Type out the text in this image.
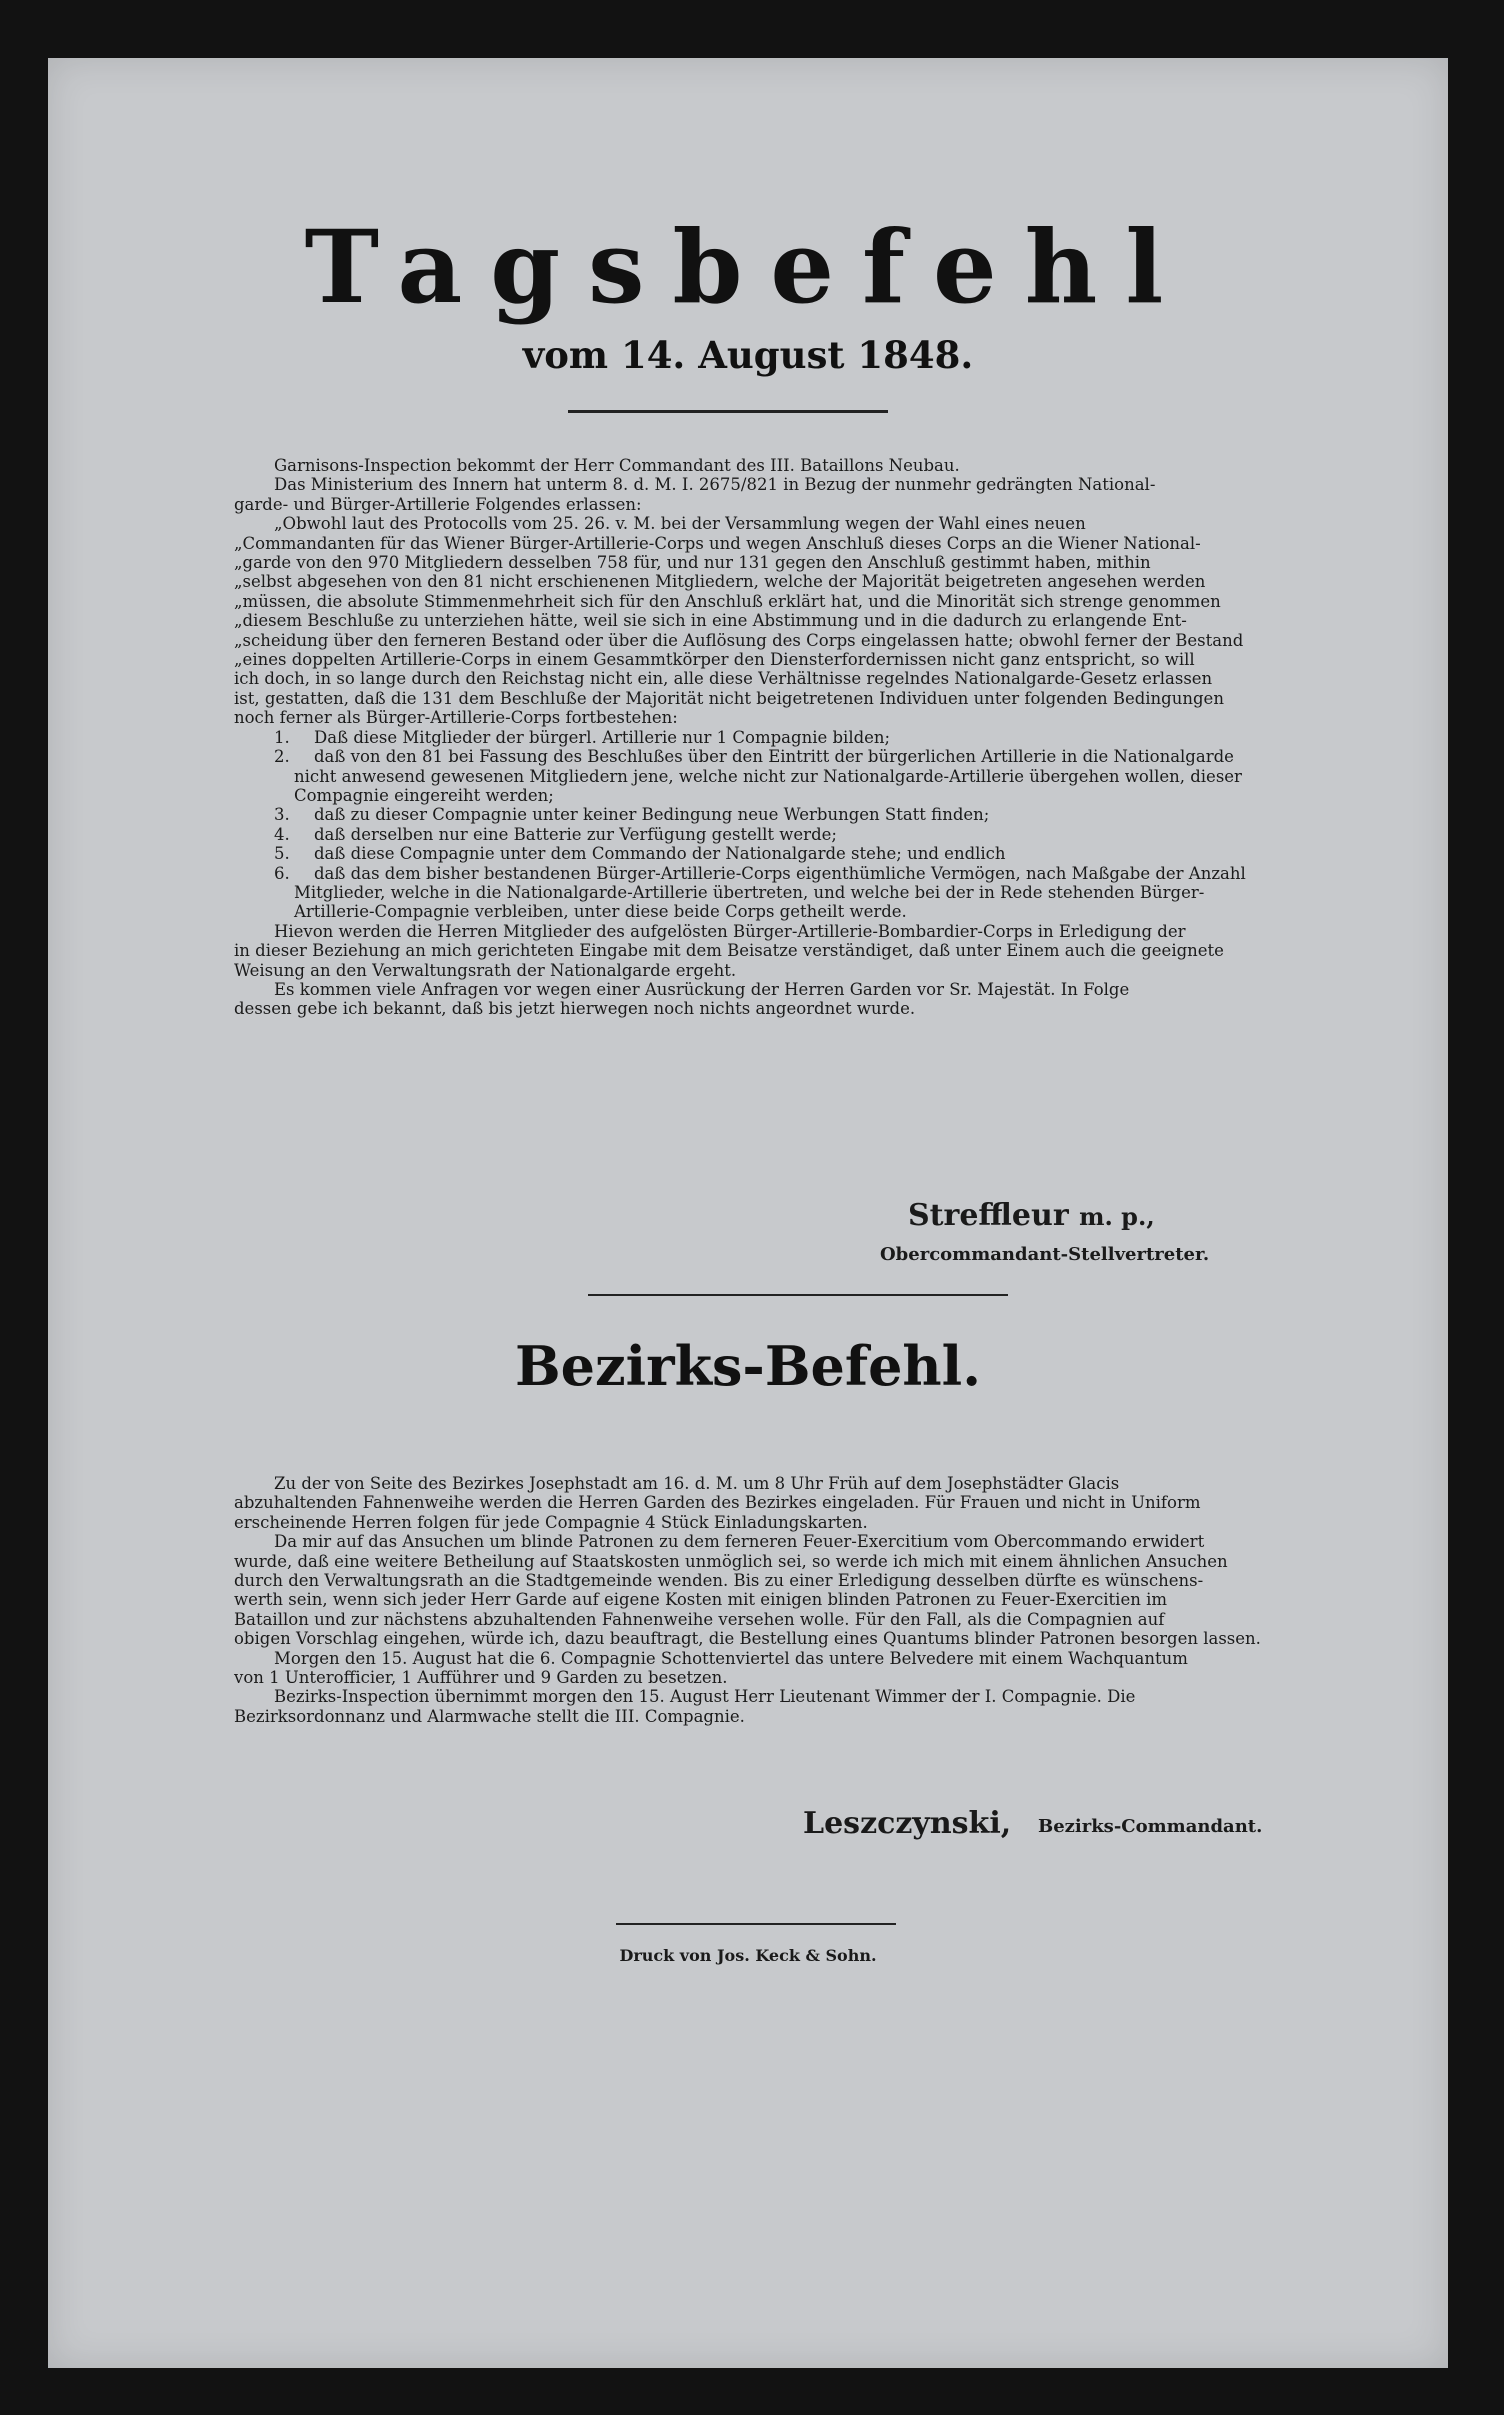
Tagsbefehl
vom 14. August 1848.

Garnisons-Inspection bekommt der Herr Commandant des III. Bataillons Neubau.

Das Ministerium des Innern hat unterm 8. d. M. I. 2675/821 in Bezug der nunmehr gedrängten National-

garde- und Bürger-Artillerie Folgendes erlassen:

„Obwohl laut des Protocolls vom 25. 26. v. M. bei der Versammlung wegen der Wahl eines neuen

„Commandanten für das Wiener Bürger-Artillerie-Corps und wegen Anschluß dieses Corps an die Wiener National-

„garde von den 970 Mitgliedern desselben 758 für, und nur 131 gegen den Anschluß gestimmt haben, mithin

„selbst abgesehen von den 81 nicht erschienenen Mitgliedern, welche der Majorität beigetreten angesehen werden

„müssen, die absolute Stimmenmehrheit sich für den Anschluß erklärt hat, und die Minorität sich strenge genommen

„diesem Beschluße zu unterziehen hätte, weil sie sich in eine Abstimmung und in die dadurch zu erlangende Ent-

„scheidung über den ferneren Bestand oder über die Auflösung des Corps eingelassen hatte; obwohl ferner der Bestand

„eines doppelten Artillerie-Corps in einem Gesammtkörper den Diensterfordernissen nicht ganz entspricht, so will

ich doch, in so lange durch den Reichstag nicht ein, alle diese Verhältnisse regelndes Nationalgarde-Gesetz erlassen

ist, gestatten, daß die 131 dem Beschluße der Majorität nicht beigetretenen Individuen unter folgenden Bedingungen

noch ferner als Bürger-Artillerie-Corps fortbestehen:

1. Daß diese Mitglieder der bürgerl. Artillerie nur 1 Compagnie bilden;

2. daß von den 81 bei Fassung des Beschlußes über den Eintritt der bürgerlichen Artillerie in die Nationalgarde

nicht anwesend gewesenen Mitgliedern jene, welche nicht zur Nationalgarde-Artillerie übergehen wollen, dieser

Compagnie eingereiht werden;

3. daß zu dieser Compagnie unter keiner Bedingung neue Werbungen Statt finden;

4. daß derselben nur eine Batterie zur Verfügung gestellt werde;

5. daß diese Compagnie unter dem Commando der Nationalgarde stehe; und endlich

6. daß das dem bisher bestandenen Bürger-Artillerie-Corps eigenthümliche Vermögen, nach Maßgabe der Anzahl

Mitglieder, welche in die Nationalgarde-Artillerie übertreten, und welche bei der in Rede stehenden Bürger-

Artillerie-Compagnie verbleiben, unter diese beide Corps getheilt werde.

Hievon werden die Herren Mitglieder des aufgelösten Bürger-Artillerie-Bombardier-Corps in Erledigung der

in dieser Beziehung an mich gerichteten Eingabe mit dem Beisatze verständiget, daß unter Einem auch die geeignete

Weisung an den Verwaltungsrath der Nationalgarde ergeht.

Es kommen viele Anfragen vor wegen einer Ausrückung der Herren Garden vor Sr. Majestät. In Folge

dessen gebe ich bekannt, daß bis jetzt hierwegen noch nichts angeordnet wurde.

Streffleur m. p.,
Obercommandant-Stellvertreter.
Bezirks-Befehl.

Zu der von Seite des Bezirkes Josephstadt am 16. d. M. um 8 Uhr Früh auf dem Josephstädter Glacis

abzuhaltenden Fahnenweihe werden die Herren Garden des Bezirkes eingeladen. Für Frauen und nicht in Uniform

erscheinende Herren folgen für jede Compagnie 4 Stück Einladungskarten.

Da mir auf das Ansuchen um blinde Patronen zu dem ferneren Feuer-Exercitium vom Obercommando erwidert

wurde, daß eine weitere Betheilung auf Staatskosten unmöglich sei, so werde ich mich mit einem ähnlichen Ansuchen

durch den Verwaltungsrath an die Stadtgemeinde wenden. Bis zu einer Erledigung desselben dürfte es wünschens-

werth sein, wenn sich jeder Herr Garde auf eigene Kosten mit einigen blinden Patronen zu Feuer-Exercitien im

Bataillon und zur nächstens abzuhaltenden Fahnenweihe versehen wolle. Für den Fall, als die Compagnien auf

obigen Vorschlag eingehen, würde ich, dazu beauftragt, die Bestellung eines Quantums blinder Patronen besorgen lassen.

Morgen den 15. August hat die 6. Compagnie Schottenviertel das untere Belvedere mit einem Wachquantum

von 1 Unterofficier, 1 Aufführer und 9 Garden zu besetzen.

Bezirks-Inspection übernimmt morgen den 15. August Herr Lieutenant Wimmer der I. Compagnie. Die

Bezirksordonnanz und Alarmwache stellt die III. Compagnie.

Leszczynski, Bezirks-Commandant.
Druck von Jos. Keck & Sohn.
